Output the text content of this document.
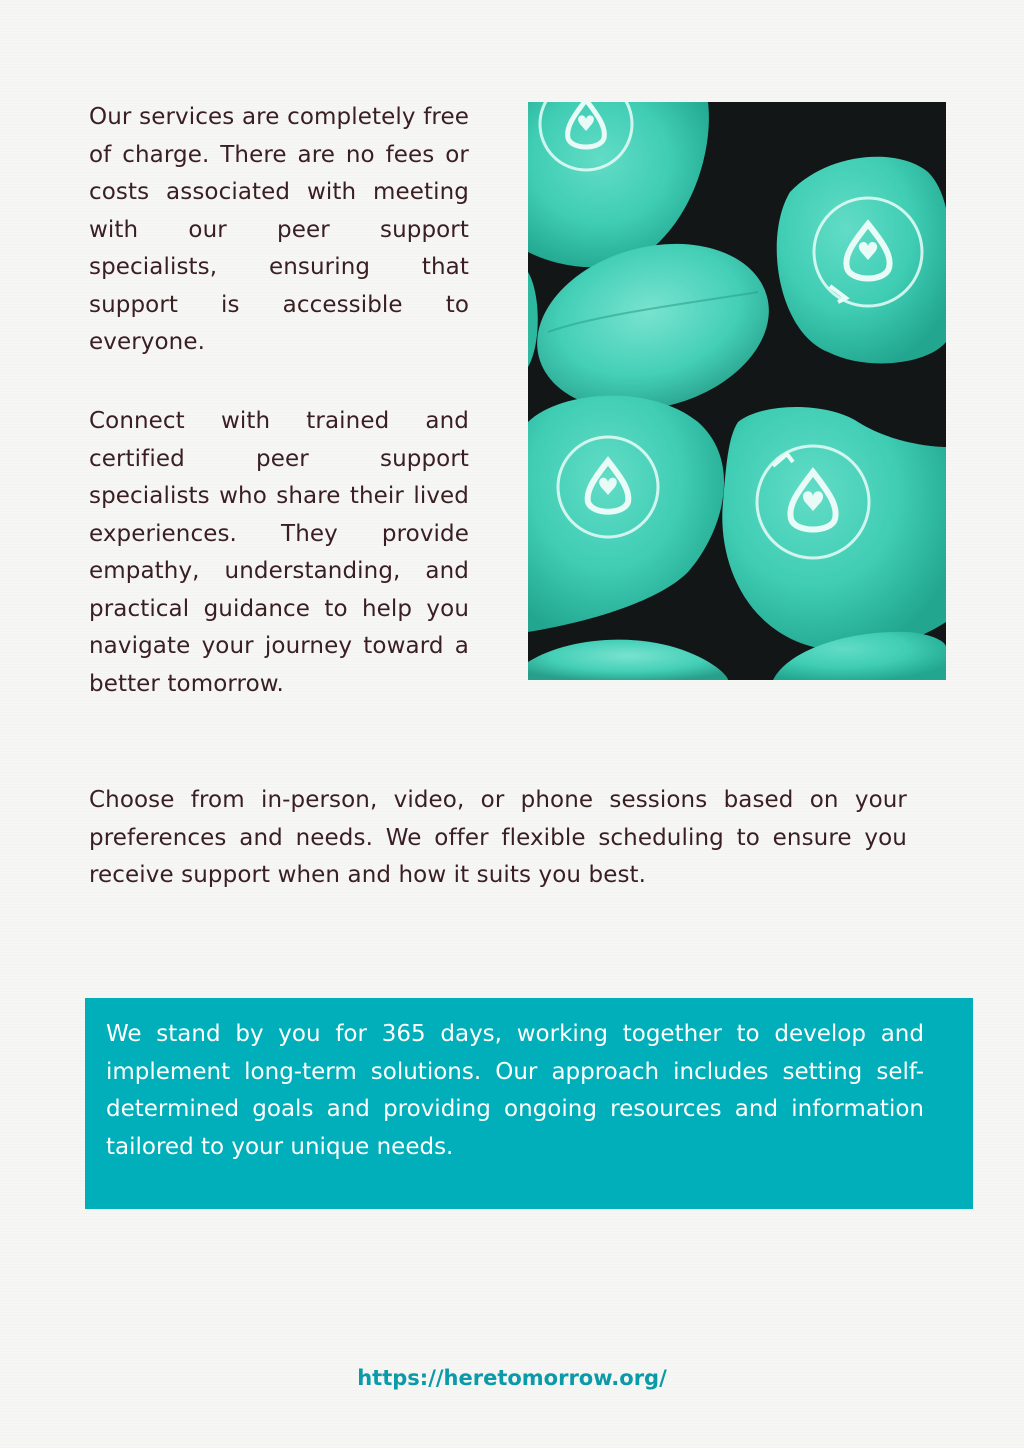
Our services are completely free of charge. There are no fees or costs associated with meeting with our peer support specialists, ensuring that support is accessible to everyone.

Connect with trained and certified peer support specialists who share their lived experiences. They provide empathy, understanding, and practical guidance to help you navigate your journey toward a better tomorrow.

Choose from in-person, video, or phone sessions based on your preferences and needs. We offer flexible scheduling to ensure you receive support when and how it suits you best.

We stand by you for 365 days, working together to develop and implement long-term solutions. Our approach includes setting self-determined goals and providing ongoing resources and information tailored to your unique needs.

https://heretomorrow.org/
